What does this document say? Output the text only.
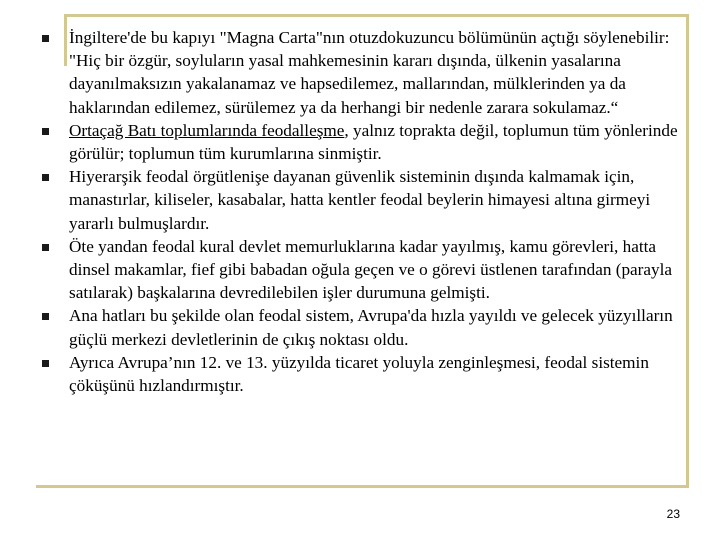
İngiltere'de bu kapıyı "Magna Carta"nın otuzdokuzuncu bölümünün açtığı söylenebilir: "Hiç bir özgür, soyluların yasal mahkemesinin kararı dışında, ülkenin yasalarına dayanılmaksızın yakalanamaz ve hapsedilemez, mallarından, mülklerinden ya da haklarından edilemez, sürülemez ya da herhangi bir nedenle zarara sokulamaz.“
Ortaçağ Batı toplumlarında feodalleşme, yalnız toprakta değil, toplumun tüm yönlerinde görülür; toplumun tüm kurumlarına sinmiştir.
Hiyerarşik feodal örgütlenişe dayanan güvenlik sisteminin dışında kalmamak için, manastırlar, kiliseler, kasabalar, hatta kentler feodal beylerin himayesi altına girmeyi yararlı bulmuşlardır.
Öte yandan feodal kural devlet memurluklarına kadar yayılmış, kamu görevleri, hatta dinsel makamlar, fief gibi babadan oğula geçen ve o görevi üstlenen tarafından (parayla satılarak) başkalarına devredilebilen işler durumuna gelmişti.
Ana hatları bu şekilde olan feodal sistem, Avrupa'da hızla yayıldı ve gelecek yüzyılların güçlü merkezi devletlerinin de çıkış noktası oldu.
Ayrıca Avrupa’nın 12. ve 13. yüzyılda ticaret yoluyla zenginleşmesi, feodal sistemin çöküşünü hızlandırmıştır.
23
